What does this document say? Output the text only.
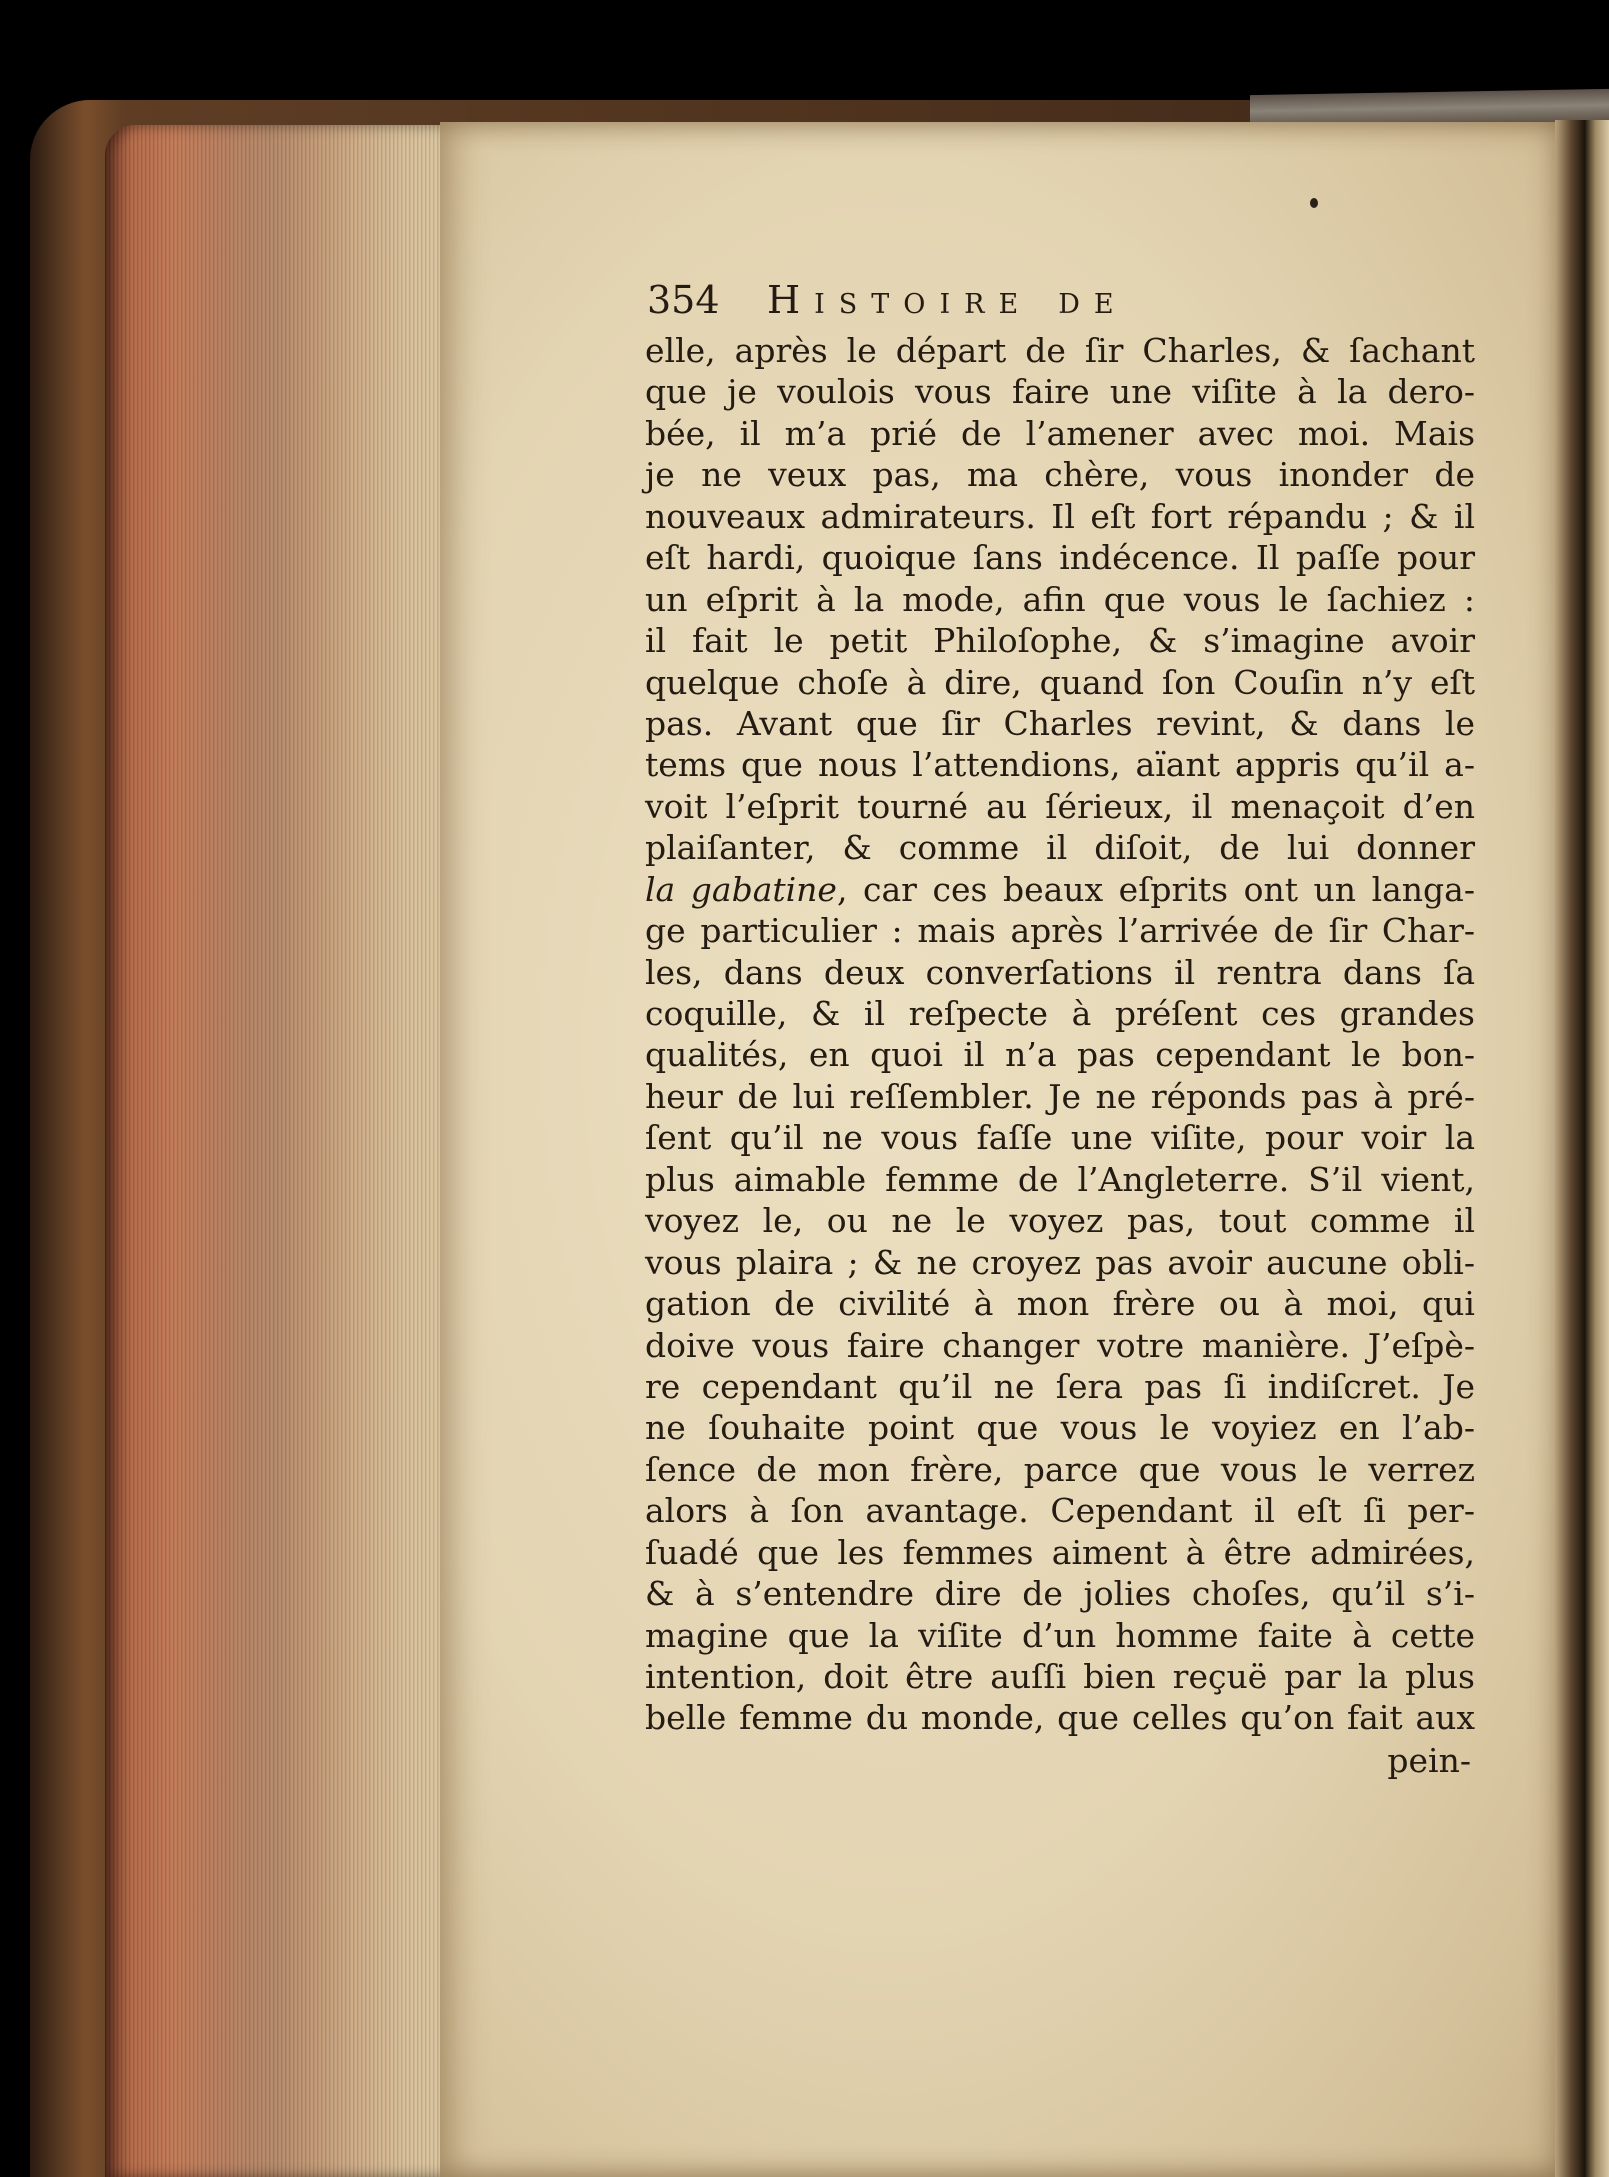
354	Histoire de
elle, après le départ de ſir Charles, & ſachant
que je voulois vous faire une viſite à la dero-
bée, il m’a prié de l’amener avec moi. Mais
je ne veux pas, ma chère, vous inonder de
nouveaux admirateurs. Il eſt fort répandu ; & il
eſt hardi, quoique ſans indécence. Il paſſe pour
un eſprit à la mode, afin que vous le ſachiez :
il fait le petit Philoſophe, & s’imagine avoir
quelque choſe à dire, quand ſon Couſin n’y eſt
pas. Avant que ſir Charles revint, & dans le
tems que nous l’attendions, aïant appris qu’il a-
voit l’eſprit tourné au ſérieux, il menaçoit d’en
plaiſanter, & comme il diſoit, de lui donner
la gabatine, car ces beaux eſprits ont un langa-
ge particulier : mais après l’arrivée de ſir Char-
les, dans deux converſations il rentra dans ſa
coquille, & il reſpecte à préſent ces grandes
qualités, en quoi il n’a pas cependant le bon-
heur de lui reſſembler. Je ne réponds pas à pré-
ſent qu’il ne vous faſſe une viſite, pour voir la
plus aimable femme de l’Angleterre. S’il vient,
voyez le, ou ne le voyez pas, tout comme il
vous plaira ; & ne croyez pas avoir aucune obli-
gation de civilité à mon frère ou à moi, qui
doive vous faire changer votre manière. J’eſpè-
re cependant qu’il ne ſera pas ſi indiſcret. Je
ne ſouhaite point que vous le voyiez en l’ab-
ſence de mon frère, parce que vous le verrez
alors à ſon avantage. Cependant il eſt ſi per-
ſuadé que les femmes aiment à être admirées,
& à s’entendre dire de jolies choſes, qu’il s’i-
magine que la viſite d’un homme faite à cette
intention, doit être auſſi bien reçuë par la plus
belle femme du monde, que celles qu’on fait aux
pein-
